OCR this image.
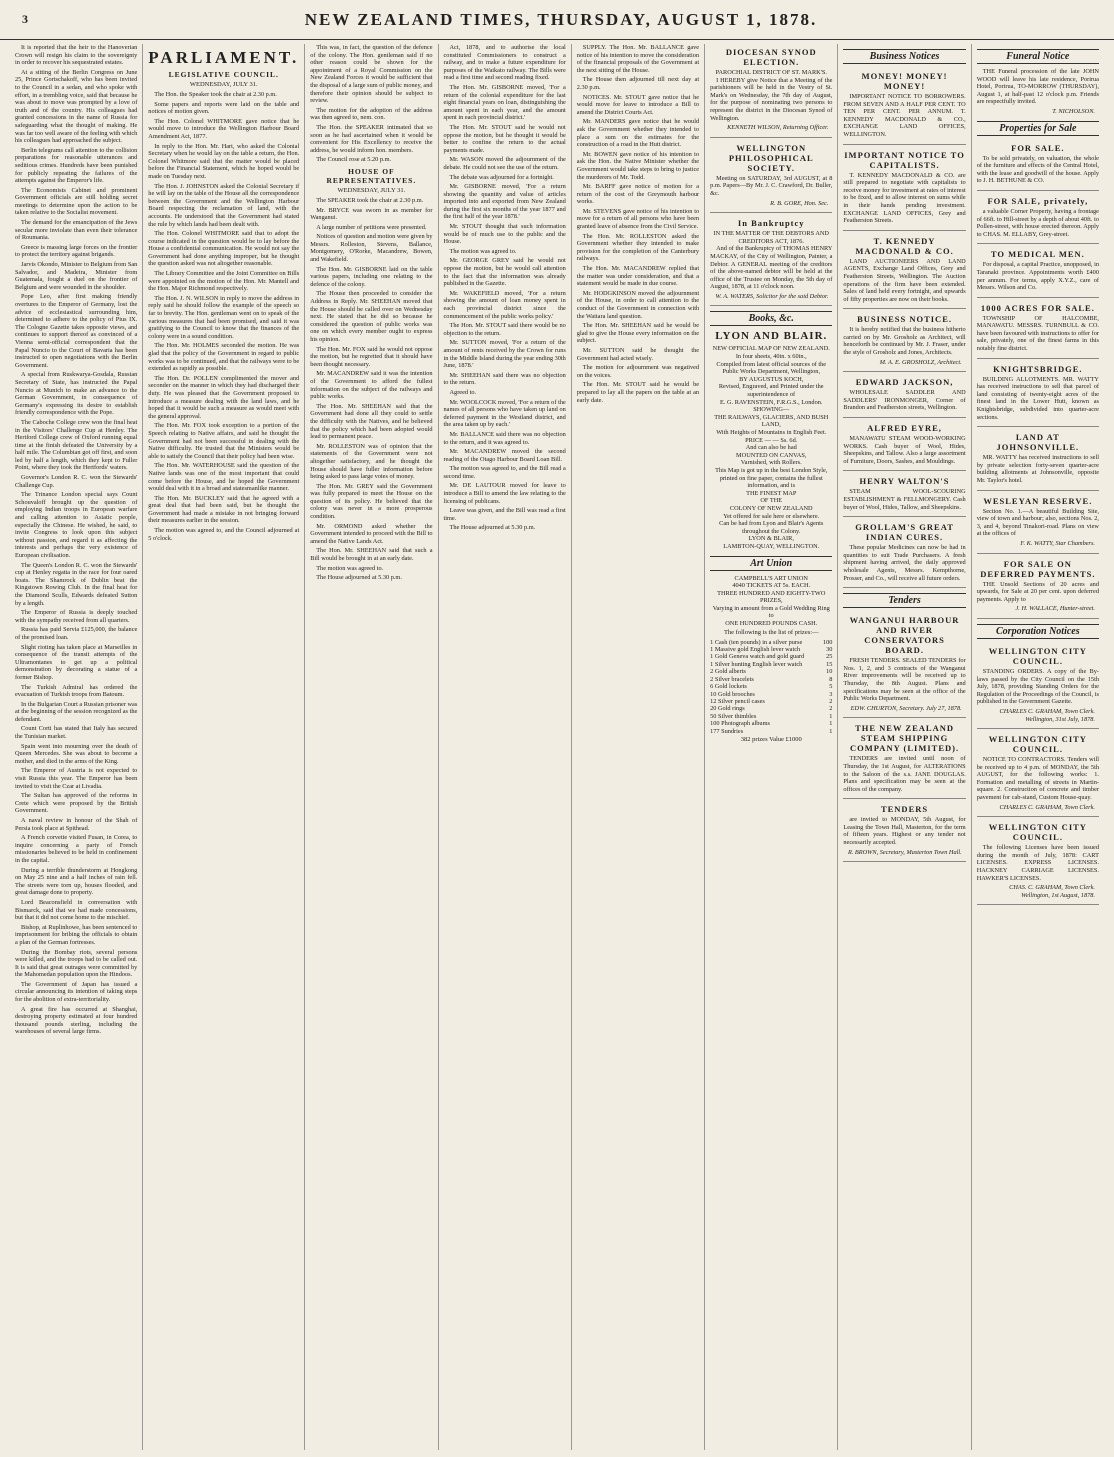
3	NEW ZEALAND TIMES, THURSDAY, AUGUST 1, 1878.

It is reported that the heir to the Hanoverian Crown will resign his claim to the sovereignty in order to recover his sequestrated estates.

At a sitting of the Berlin Congress on June 25, Prince Gortschakoff, who has been invited to the Council in a sedan, and who spoke with effort, in a trembling voice, said that because he was about to move was prompted by a love of truth and of the country. His colleagues had granted concessions in the name of Russia for safeguarding what the thought of making. He was far too well aware of the feeling with which his colleagues had approached the subject.

Berlin telegrams call attention to the collision preparations for reasonable utterances and seditious crimes. Hundreds have been punished for publicly repeating the failures of the attempts against the Emperor's life.

The Economists Cabinet and prominent Government officials are still holding secret meetings to determine upon the action to be taken relative to the Socialist movement.

The demand for the emancipation of the Jews secular more inviolate than even their tolerance of Roumania.

Greece is massing large forces on the frontier to protect the territory against brigands.

Jarvis Okondo, Minister to Belgium from San Salvador, and Madeira, Minister from Guatemala, fought a duel on the frontier of Belgium and were wounded in the shoulder.

Pope Leo, after first making friendly overtures to the Emperor of Germany, lost the advice of ecclesiastical surrounding him, determined to adhere to the policy of Pius IX. The Cologne Gazette takes opposite views, and continues to support thereof as convinced of a Vienna semi-official correspondent that the Papal Nuncio to the Court of Bavaria has been instructed to open negotiations with the Berlin Government.

A special from Ruskwarya-Gosdala, Russian Secretary of State, has instructed the Papal Nuncio at Munich to make an advance to the German Government, in consequence of Germany's expressing its desire to establish friendly correspondence with the Pope.

The Caboche College crew won the final heat in the Visitors' Challenge Cup at Henley. The Hertford College crew of Oxford running equal time at the finish defeated the University by a half mile. The Columbian got off first, and soon led by half a length, which they kept to Fuller Point, where they took the Hertfords' waters.

Governor's London R. C. won the Stewards' Challenge Cup.

The Trinance London special says Count Schouvaloff brought up the question of employing Indian troops in European warfare and calling attention to Asiatic people, especially the Chinese. He wished, he said, to invite Congress to look upon this subject without passion, and regard it as affecting the interests and perhaps the very existence of European civilisation.

The Queen's London R. C. won the Stewards' cup at Henley regatta in the race for four oared boats. The Shamrock of Dublin beat the Kingstown Rowing Club. In the final heat for the Diamond Sculls, Edwards defeated Sutton by a length.

The Emperor of Russia is deeply touched with the sympathy received from all quarters.

Russia has paid Servia £125,000, the balance of the promised loan.

Slight rioting has taken place at Marseilles in consequence of the transit attempts of the Ultramontanes to get up a political demonstration by decorating a statue of a former Bishop.

The Turkish Admiral has ordered the evacuation of Turkish troops from Batoum.

In the Bulgarian Court a Russian prisoner was at the beginning of the session recognized as the defendant.

Count Corti has stated that Italy has secured the Tunisian market.

Spain went into mourning over the death of Queen Mercedes. She was about to become a mother, and died in the arms of the King.

The Emperor of Austria is not expected to visit Russia this year. The Emperor has been invited to visit the Czar at Livadia.

The Sultan has approved of the reforms in Crete which were proposed by the British Government.

A naval review in honour of the Shah of Persia took place at Spithead.

A French corvette visited Fusan, in Corea, to inquire concerning a party of French missionaries believed to be held in confinement in the capital.

During a terrible thunderstorm at Hongkong on May 25 nine and a half inches of rain fell. The streets were torn up, houses flooded, and great damage done to property.

Lord Beaconsfield in conversation with Bismarck, said that we had made concessions, but that it did not come home to the mischief.

Bishop, at Ruplinhowe, has been sentenced to imprisonment for bribing the officials to obtain a plan of the German fortresses.

During the Bombay riots, several persons were killed, and the troops had to be called out. It is said that great outrages were committed by the Mahomedan population upon the Hindoos.

The Government of Japan has issued a circular announcing its intention of taking steps for the abolition of extra-territoriality.

A great fire has occurred at Shanghai, destroying property estimated at four hundred thousand pounds sterling, including the warehouses of several large firms.

PARLIAMENT.
LEGISLATIVE COUNCIL.
WEDNESDAY, JULY 31.

The Hon. the Speaker took the chair at 2.30 p.m.

Some papers and reports were laid on the table and notices of motion given.

The Hon. Colonel WHITMORE gave notice that he would move to introduce the Wellington Harbour Board Amendment Act, 1877.

In reply to the Hon. Mr. Hart, who asked the Colonial Secretary when he would lay on the table a return, the Hon. Colonel Whitmore said that the matter would be placed before the Financial Statement, which he hoped would be made on Tuesday next.

The Hon. J. JOHNSTON asked the Colonial Secretary if he will lay on the table of the House all the correspondence between the Government and the Wellington Harbour Board respecting the reclamation of land, with the accounts. He understood that the Government had stated the rule by which lands had been dealt with.

The Hon. Colonel WHITMORE said that to adopt the course indicated in the question would be to lay before the House a confidential communication. He would not say the Government had done anything improper, but he thought the question asked was not altogether reasonable.

The Library Committee and the Joint Committee on Bills were appointed on the motion of the Hon. Mr. Mantell and the Hon. Major Richmond respectively.

The Hon. J. N. WILSON in reply to move the address in reply said he should follow the example of the speech so far to brevity. The Hon. gentleman went on to speak of the various measures that had been promised, and said it was gratifying to the Council to know that the finances of the colony were in a sound condition.

The Hon. Mr. HOLMES seconded the motion. He was glad that the policy of the Government in regard to public works was to be continued, and that the railways were to be extended as rapidly as possible.

The Hon. Dr. POLLEN complimented the mover and seconder on the manner in which they had discharged their duty. He was pleased that the Government proposed to introduce a measure dealing with the land laws, and he hoped that it would be such a measure as would meet with the general approval.

The Hon. Mr. FOX took exception to a portion of the Speech relating to Native affairs, and said he thought the Government had not been successful in dealing with the Native difficulty. He trusted that the Ministers would be able to satisfy the Council that their policy had been wise.

The Hon. Mr. WATERHOUSE said the question of the Native lands was one of the most important that could come before the House, and he hoped the Government would deal with it in a broad and statesmanlike manner.

The Hon. Mr. BUCKLEY said that he agreed with a great deal that had been said, but he thought the Government had made a mistake in not bringing forward their measures earlier in the session.

The motion was agreed to, and the Council adjourned at 5 o'clock.

This was, in fact, the question of the defence of the colony. The Hon. gentleman said if no other reason could be shown for the appointment of a Royal Commission on the New Zealand Forces it would be sufficient that the disposal of a large sum of public money, and therefore their opinion should be subject to review.

The motion for the adoption of the address was then agreed to, nem. con.

The Hon. the SPEAKER intimated that so soon as he had ascertained when it would be convenient for His Excellency to receive the address, he would inform hon. members.

The Council rose at 5.20 p.m.

HOUSE OF REPRESENTATIVES.
WEDNESDAY, JULY 31.

The SPEAKER took the chair at 2.30 p.m.

Mr. BRYCE was sworn in as member for Wanganui.

A large number of petitions were presented.

Notices of question and motion were given by Messrs. Rolleston, Stevens, Ballance, Montgomery, O'Rorke, Macandrew, Bowen, and Wakefield.

The Hon. Mr. GISBORNE laid on the table various papers, including one relating to the defence of the colony.

The House then proceeded to consider the Address in Reply. Mr. SHEEHAN moved that the House should be called over on Wednesday next. He stated that he did so because he considered the question of public works was one on which every member ought to express his opinion.

The Hon. Mr. FOX said he would not oppose the motion, but he regretted that it should have been thought necessary.

Mr. MACANDREW said it was the intention of the Government to afford the fullest information on the subject of the railways and public works.

The Hon. Mr. SHEEHAN said that the Government had done all they could to settle the difficulty with the Natives, and he believed that the policy which had been adopted would lead to permanent peace.

Mr. ROLLESTON was of opinion that the statements of the Government were not altogether satisfactory, and he thought the House should have fuller information before being asked to pass large votes of money.

The Hon. Mr. GREY said the Government was fully prepared to meet the House on the question of its policy. He believed that the colony was never in a more prosperous condition.

Mr. ORMOND asked whether the Government intended to proceed with the Bill to amend the Native Lands Act.

The Hon. Mr. SHEEHAN said that such a Bill would be brought in at an early date.

The motion was agreed to.

The House adjourned at 5.30 p.m.

Act, 1878, and to authorise the local constituted Commissioners to construct a railway, and to make a future expenditure for purposes of the Waikato railway. The Bills were read a first time and second reading fixed.

The Hon. Mr. GISBORNE moved, 'For a return of the colonial expenditure for the last eight financial years on loan, distinguishing the amount spent in each year, and the amount spent in each provincial district.'

The Hon. Mr. STOUT said he would not oppose the motion, but he thought it would be better to confine the return to the actual payments made.

Mr. WASON moved the adjournment of the debate. He could not see the use of the return.

The debate was adjourned for a fortnight.

Mr. GISBORNE moved, 'For a return showing the quantity and value of articles imported into and exported from New Zealand during the first six months of the year 1877 and the first half of the year 1878.'

Mr. STOUT thought that such information would be of much use to the public and the House.

The motion was agreed to.

Mr. GEORGE GREY said he would not oppose the motion, but he would call attention to the fact that the information was already published in the Gazette.

Mr. WAKEFIELD moved, 'For a return showing the amount of loan money spent in each provincial district since the commencement of the public works policy.'

The Hon. Mr. STOUT said there would be no objection to the return.

Mr. SUTTON moved, 'For a return of the amount of rents received by the Crown for runs in the Middle Island during the year ending 30th June, 1878.'

Mr. SHEEHAN said there was no objection to the return.

Agreed to.

Mr. WOOLCOCK moved, 'For a return of the names of all persons who have taken up land on deferred payment in the Westland district, and the area taken up by each.'

Mr. BALLANCE said there was no objection to the return, and it was agreed to.

Mr. MACANDREW moved the second reading of the Otago Harbour Board Loan Bill.

The motion was agreed to, and the Bill read a second time.

Mr. DE LAUTOUR moved for leave to introduce a Bill to amend the law relating to the licensing of publicans.

Leave was given, and the Bill was read a first time.

The House adjourned at 5.30 p.m.

SUPPLY. The Hon. Mr. BALLANCE gave notice of his intention to move the consideration of the financial proposals of the Government at the next sitting of the House.

The House then adjourned till next day at 2.30 p.m.

NOTICES. Mr. STOUT gave notice that he would move for leave to introduce a Bill to amend the District Courts Act.

Mr. MANDERS gave notice that he would ask the Government whether they intended to place a sum on the estimates for the construction of a road in the Hutt district.

Mr. BOWEN gave notice of his intention to ask the Hon. the Native Minister whether the Government would take steps to bring to justice the murderers of Mr. Todd.

Mr. BARFF gave notice of motion for a return of the cost of the Greymouth harbour works.

Mr. STEVENS gave notice of his intention to move for a return of all persons who have been granted leave of absence from the Civil Service.

The Hon. Mr. ROLLESTON asked the Government whether they intended to make provision for the completion of the Canterbury railways.

The Hon. Mr. MACANDREW replied that the matter was under consideration, and that a statement would be made in due course.

Mr. HODGKINSON moved the adjournment of the House, in order to call attention to the conduct of the Government in connection with the Waitara land question.

The Hon. Mr. SHEEHAN said he would be glad to give the House every information on the subject.

Mr. SUTTON said he thought the Government had acted wisely.

The motion for adjournment was negatived on the voices.

The Hon. Mr. STOUT said he would be prepared to lay all the papers on the table at an early date.

DIOCESAN SYNOD ELECTION.
PAROCHIAL DISTRICT OF ST. MARK'S.

I HEREBY give Notice that a Meeting of the parishioners will be held in the Vestry of St. Mark's on Wednesday, the 7th day of August, for the purpose of nominating two persons to represent the district in the Diocesan Synod of Wellington.

KENNETH WILSON, Returning Officer.
WELLINGTON PHILOSOPHICAL SOCIETY.

Meeting on SATURDAY, 3rd AUGUST, at 8 p.m. Papers—By Mr. J. C. Crawford, Dr. Buller, &c.

R. B. GORE, Hon. Sec.
In Bankruptcy
IN THE MATTER OF THE DEBTORS AND CREDITORS ACT, 1876.

And of the Bankruptcy of THOMAS HENRY MACKAY, of the City of Wellington, Painter, a Debtor. A GENERAL meeting of the creditors of the above-named debtor will be held at the office of the Trustee on Monday, the 5th day of August, 1878, at 11 o'clock noon.

W. A. WATERS, Solicitor for the said Debtor.
Books, &c.
LYON AND BLAIR.
NEW OFFICIAL MAP OF NEW ZEALAND.
In four sheets, 40in. x 60in.,
Compiled from latest official sources of the Public Works Department, Wellington,
BY AUGUSTUS KOCH,
Revised, Engraved, and Printed under the superintendence of
E. G. RAVENSTEIN, F.R.G.S., London.
SHOWING—
THE RAILWAYS, GLACIERS, AND BUSH LAND,
With Heights of Mountains in English Feet.
PRICE — — Ss. 6d.
And can also be had
MOUNTED ON CANVAS,
Varnished, with Rollers.
This Map is got up in the best London Style, printed on fine paper, contains the fullest information, and is
THE FINEST MAP
OF THE
COLONY OF NEW ZEALAND
Yet offered for sale here or elsewhere.
Can be had from Lyon and Blair's Agents throughout the Colony.
LYON & BLAIR,
LAMBTON-QUAY, WELLINGTON.
Art Union
CAMPBELL'S ART UNION
4040 TICKETS AT 5s. EACH.
THREE HUNDRED AND EIGHTY-TWO PRIZES,
Varying in amount from a Gold Wedding Ring to
ONE HUNDRED POUNDS CASH.
The following is the list of prizes:—
1 Cash (ten pounds) in a silver purse	100
1 Massive gold English lever watch	30
1 Gold Geneva watch and gold guard	25
1 Silver hunting English lever watch	15
2 Gold alberts	10
2 Silver bracelets	8
6 Gold lockets	5
10 Gold brooches	3
12 Silver pencil cases	2
20 Gold rings	2
50 Silver thimbles	1
100 Photograph albums	1
177 Sundries	1
382 prizes Value £1000
Business Notices
MONEY! MONEY! MONEY!

IMPORTANT NOTICE TO BORROWERS. FROM SEVEN AND A HALF PER CENT. TO TEN PER CENT. PER ANNUM. T. KENNEDY MACDONALD & CO., EXCHANGE LAND OFFICES, WELLINGTON.

IMPORTANT NOTICE TO CAPITALISTS.

T. KENNEDY MACDONALD & CO. are still prepared to negotiate with capitalists to receive money for investment at rates of interest to be fixed, and to allow interest on sums while in their hands pending investment. EXCHANGE LAND OFFICES, Grey and Featherston Streets.

T. KENNEDY MACDONALD & CO.

LAND AUCTIONEERS AND LAND AGENTS, Exchange Land Offices, Grey and Featherston Streets, Wellington. The Auction operations of the firm have been extended. Sales of land held every fortnight, and upwards of fifty properties are now on their books.

BUSINESS NOTICE.

It is hereby notified that the business hitherto carried on by Mr. Grosholz as Architect, will henceforth be continued by Mr. J. Fraser, under the style of Grosholz and Jones, Architects.

M. A. E. GROSHOLZ, Architect.
EDWARD JACKSON,

WHOLESALE SADDLER AND SADDLERS' IRONMONGER, Corner of Brandon and Featherston streets, Wellington.

ALFRED EYRE,

MANAWATU STEAM WOOD-WORKING WORKS. Cash buyer of Wool, Hides, Sheepskins, and Tallow. Also a large assortment of Furniture, Doors, Sashes, and Mouldings.

HENRY WALTON'S

STEAM WOOL-SCOURING ESTABLISHMENT & FELLMONGERY. Cash buyer of Wool, Hides, Tallow, and Sheepskins.

GROLLAM'S GREAT INDIAN CURES.

These popular Medicines can now be had in quantities to suit Trade Purchasers. A fresh shipment having arrived, the daily approved wholesale Agents, Messrs. Kempthorne, Prosser, and Co., will receive all future orders.

Tenders
WANGANUI HARBOUR AND RIVER CONSERVATORS BOARD.

FRESH TENDERS. SEALED TENDERS for Nos. 1, 2, and 3 contracts of the Wanganui River improvements will be received up to Thursday, the 8th August. Plans and specifications may be seen at the office of the Public Works Department.

EDW. CHURTON, Secretary. July 27, 1878.
THE NEW ZEALAND STEAM SHIPPING COMPANY (LIMITED).

TENDERS are invited until noon of Thursday, the 1st August, for ALTERATIONS to the Saloon of the s.s. JANE DOUGLAS. Plans and specification may be seen at the offices of the company.

TENDERS

are invited to MONDAY, 5th August, for Leasing the Town Hall, Masterton, for the term of fifteen years. Highest or any tender not necessarily accepted.

R. BROWN, Secretary, Masterton Town Hall.
Funeral Notice

THE Funeral procession of the late JOHN WOOD will leave his late residence, Porirua Hotel, Porirua, TO-MORROW (THURSDAY), August 1, at half-past 12 o'clock p.m. Friends are respectfully invited.

T. NICHOLSON.
Properties for Sale
FOR SALE.

To be sold privately, on valuation, the whole of the furniture and effects of the Central Hotel, with the lease and goodwill of the house. Apply to J. H. BETHUNE & CO.

FOR SALE, privately,

a valuable Corner Property, having a frontage of 66ft. to Hill-street by a depth of about 40ft. to Pollen-street, with house erected thereon. Apply to CHAS. M. ELLABY, Grey-street.

TO MEDICAL MEN.

For disposal, a capital Practice, unopposed, in Taranaki province. Appointments worth £400 per annum. For terms, apply X.Y.Z., care of Messrs. Wilson and Co.

1000 ACRES FOR SALE.

TOWNSHIP OF HALCOMBE, MANAWATU. MESSRS. TURNBULL & CO. have been favoured with instructions to offer for sale, privately, one of the finest farms in this notably fine district.

KNIGHTSBRIDGE.

BUILDING ALLOTMENTS. MR. WATTY has received instructions to sell that parcel of land consisting of twenty-eight acres of the finest land in the Lower Hutt, known as Knightsbridge, subdivided into quarter-acre sections.

LAND AT JOHNSONVILLE.

MR. WATTY has received instructions to sell by private selection forty-seven quarter-acre building allotments at Johnsonville, opposite Mr. Taylor's hotel.

WESLEYAN RESERVE.

Section No. 1.—A beautiful Building Site, view of town and harbour; also, sections Nos. 2, 3, and 4, beyond Tinakori-road. Plans on view at the offices of

F. K. WATTY, Star Chambers.
FOR SALE ON DEFERRED PAYMENTS.

THE Unsold Sections of 20 acres and upwards, for Sale at 20 per cent. upon deferred payments. Apply to

J. H. WALLACE, Hunter-street.
Corporation Notices
WELLINGTON CITY COUNCIL.

STANDING ORDERS. A copy of the By-laws passed by the City Council on the 15th July, 1878, providing Standing Orders for the Regulation of the Proceedings of the Council, is published in the Government Gazette.

CHARLES C. GRAHAM, Town Clerk. Wellington, 31st July, 1878.
WELLINGTON CITY COUNCIL.

NOTICE TO CONTRACTORS. Tenders will be received up to 4 p.m. of MONDAY, the 5th AUGUST, for the following works: 1. Formation and metalling of streets in Martin-square. 2. Construction of concrete and timber pavement for cab-stand, Custom House-quay.

CHARLES C. GRAHAM, Town Clerk.
WELLINGTON CITY COUNCIL.

The following Licenses have been issued during the month of July, 1878: CART LICENSES. EXPRESS LICENSES. HACKNEY CARRIAGE LICENSES. HAWKER'S LICENSES.

CHAS. C. GRAHAM, Town Clerk. Wellington, 1st August, 1878.
